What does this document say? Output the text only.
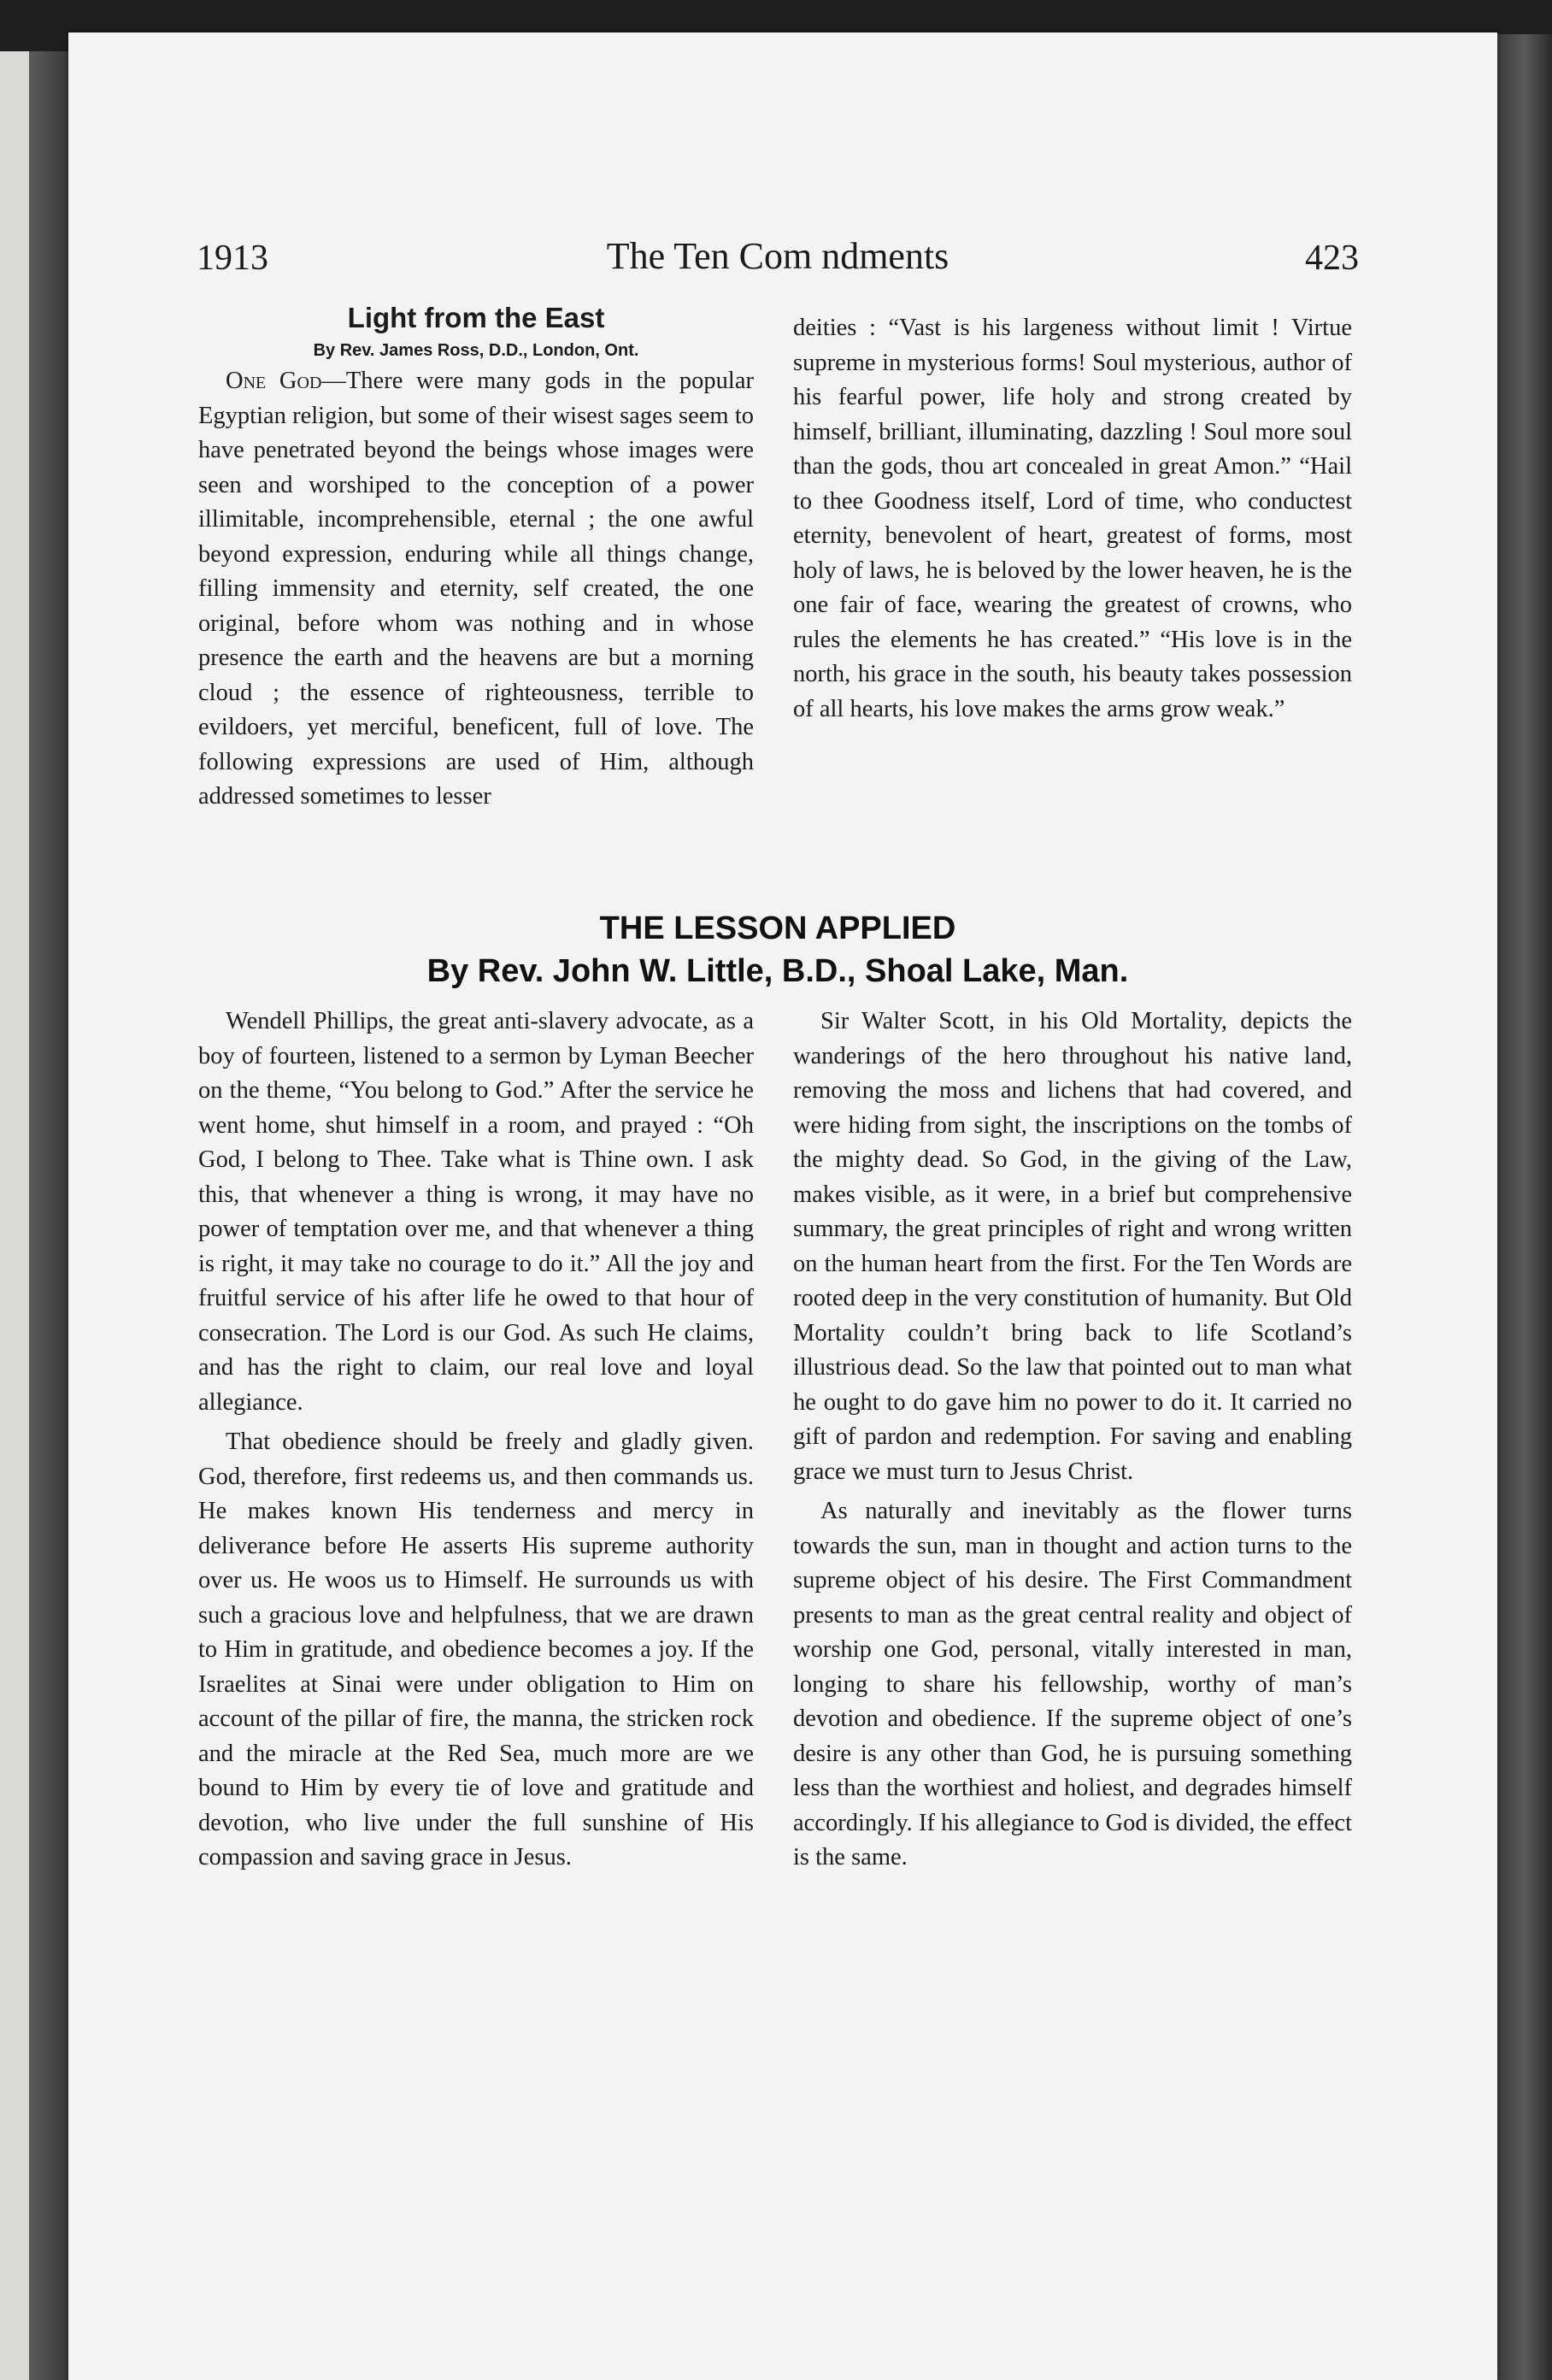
1913	The Ten Com ndments	423

Light from the East

By Rev. James Ross, D.D., London, Ont.

One God—There were many gods in the popular Egyptian religion, but some of their wisest sages seem to have penetrated beyond the beings whose images were seen and worshiped to the conception of a power illimitable, incomprehensible, eternal ; the one awful beyond expression, enduring while all things change, filling immensity and eternity, self created, the one original, before whom was nothing and in whose presence the earth and the heavens are but a morning cloud ; the essence of righteousness, terrible to evildoers, yet merciful, beneficent, full of love. The following expressions are used of Him, although addressed sometimes to lesser

deities : “Vast is his largeness without limit ! Virtue supreme in mysterious forms! Soul mysterious, author of his fearful power, life holy and strong created by himself, brilliant, illuminating, dazzling ! Soul more soul than the gods, thou art concealed in great Amon.” “Hail to thee Goodness itself, Lord of time, who conductest eternity, benevolent of heart, greatest of forms, most holy of laws, he is beloved by the lower heaven, he is the one fair of face, wearing the greatest of crowns, who rules the elements he has created.” “His love is in the north, his grace in the south, his beauty takes possession of all hearts, his love makes the arms grow weak.”

THE LESSON APPLIED
By Rev. John W. Little, B.D., Shoal Lake, Man.

Wendell Phillips, the great anti-slavery advocate, as a boy of fourteen, listened to a sermon by Lyman Beecher on the theme, “You belong to God.” After the service he went home, shut himself in a room, and prayed : “Oh God, I belong to Thee. Take what is Thine own. I ask this, that whenever a thing is wrong, it may have no power of temptation over me, and that whenever a thing is right, it may take no courage to do it.” All the joy and fruitful service of his after life he owed to that hour of consecration. The Lord is our God. As such He claims, and has the right to claim, our real love and loyal allegiance.

That obedience should be freely and gladly given. God, therefore, first redeems us, and then commands us. He makes known His tenderness and mercy in deliverance before He asserts His supreme authority over us. He woos us to Himself. He surrounds us with such a gracious love and helpfulness, that we are drawn to Him in gratitude, and obedience becomes a joy. If the Israelites at Sinai were under obligation to Him on account of the pillar of fire, the manna, the stricken rock and the miracle at the Red Sea, much more are we bound to Him by every tie of love and gratitude and devotion, who live under the full sunshine of His compassion and saving grace in Jesus.

Sir Walter Scott, in his Old Mortality, depicts the wanderings of the hero throughout his native land, removing the moss and lichens that had covered, and were hiding from sight, the inscriptions on the tombs of the mighty dead. So God, in the giving of the Law, makes visible, as it were, in a brief but comprehensive summary, the great principles of right and wrong written on the human heart from the first. For the Ten Words are rooted deep in the very constitution of humanity. But Old Mortality couldn’t bring back to life Scotland’s illustrious dead. So the law that pointed out to man what he ought to do gave him no power to do it. It carried no gift of pardon and redemption. For saving and enabling grace we must turn to Jesus Christ.

As naturally and inevitably as the flower turns towards the sun, man in thought and action turns to the supreme object of his desire. The First Commandment presents to man as the great central reality and object of worship one God, personal, vitally interested in man, longing to share his fellowship, worthy of man’s devotion and obedience. If the supreme object of one’s desire is any other than God, he is pursuing something less than the worthiest and holiest, and degrades himself accordingly. If his allegiance to God is divided, the effect is the same.
